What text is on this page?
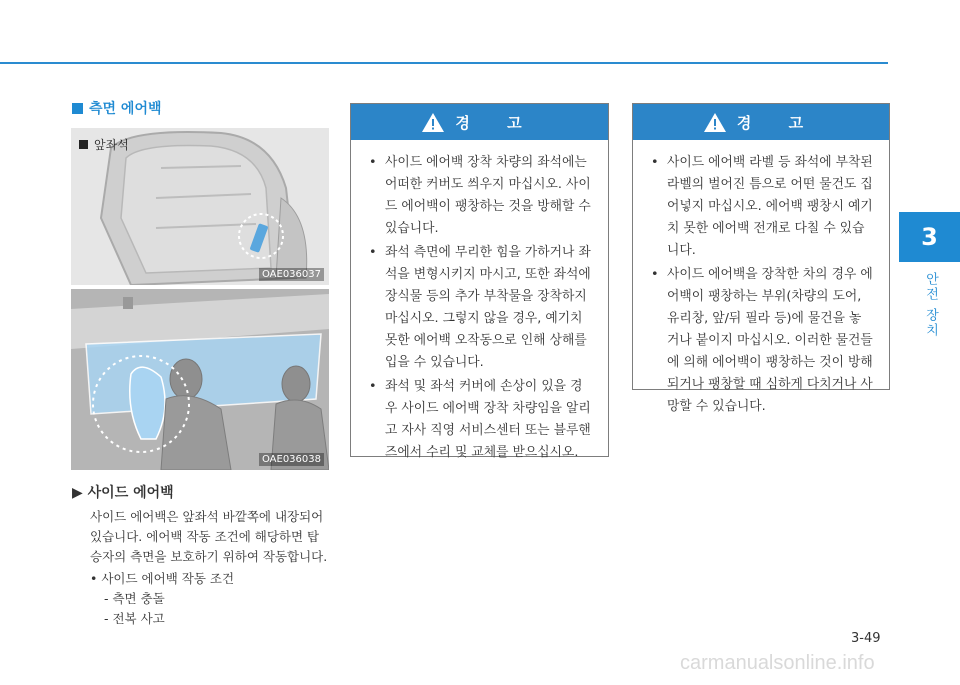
3
안전 장치
측면 에어백
앞좌석
OAE036037
OAE036038
▶ 사이드 에어백
사이드 에어백은 앞좌석 바깥쪽에 내장되어 있습니다. 에어백 작동 조건에 해당하면 탑승자의 측면을 보호하기 위하여 작동합니다.
• 사이드 에어백 작동 조건
- 측면 충돌
- 전복 사고
경 고
• 사이드 에어백 장착 차량의 좌석에는 어떠한 커버도 씌우지 마십시오. 사이드 에어백이 팽창하는 것을 방해할 수 있습니다.
• 좌석 측면에 무리한 힘을 가하거나 좌석을 변형시키지 마시고, 또한 좌석에 장식물 등의 추가 부착물을 장착하지 마십시오. 그렇지 않을 경우, 예기치 못한 에어백 오작동으로 인해 상해를 입을 수 있습니다.
• 좌석 및 좌석 커버에 손상이 있을 경우 사이드 에어백 장착 차량임을 알리고 자사 직영 서비스센터 또는 블루핸즈에서 수리 및 교체를 받으십시오.
경 고
• 사이드 에어백 라벨 등 좌석에 부착된 라벨의 벌어진 틈으로 어떤 물건도 집어넣지 마십시오. 에어백 팽창시 예기치 못한 에어백 전개로 다칠 수 있습니다.
• 사이드 에어백을 장착한 차의 경우 에어백이 팽창하는 부위(차량의 도어, 유리창, 앞/뒤 필라 등)에 물건을 놓거나 붙이지 마십시오. 이러한 물건들에 의해 에어백이 팽창하는 것이 방해되거나 팽창할 때 심하게 다치거나 사망할 수 있습니다.
3-49
carmanualsonline.info
